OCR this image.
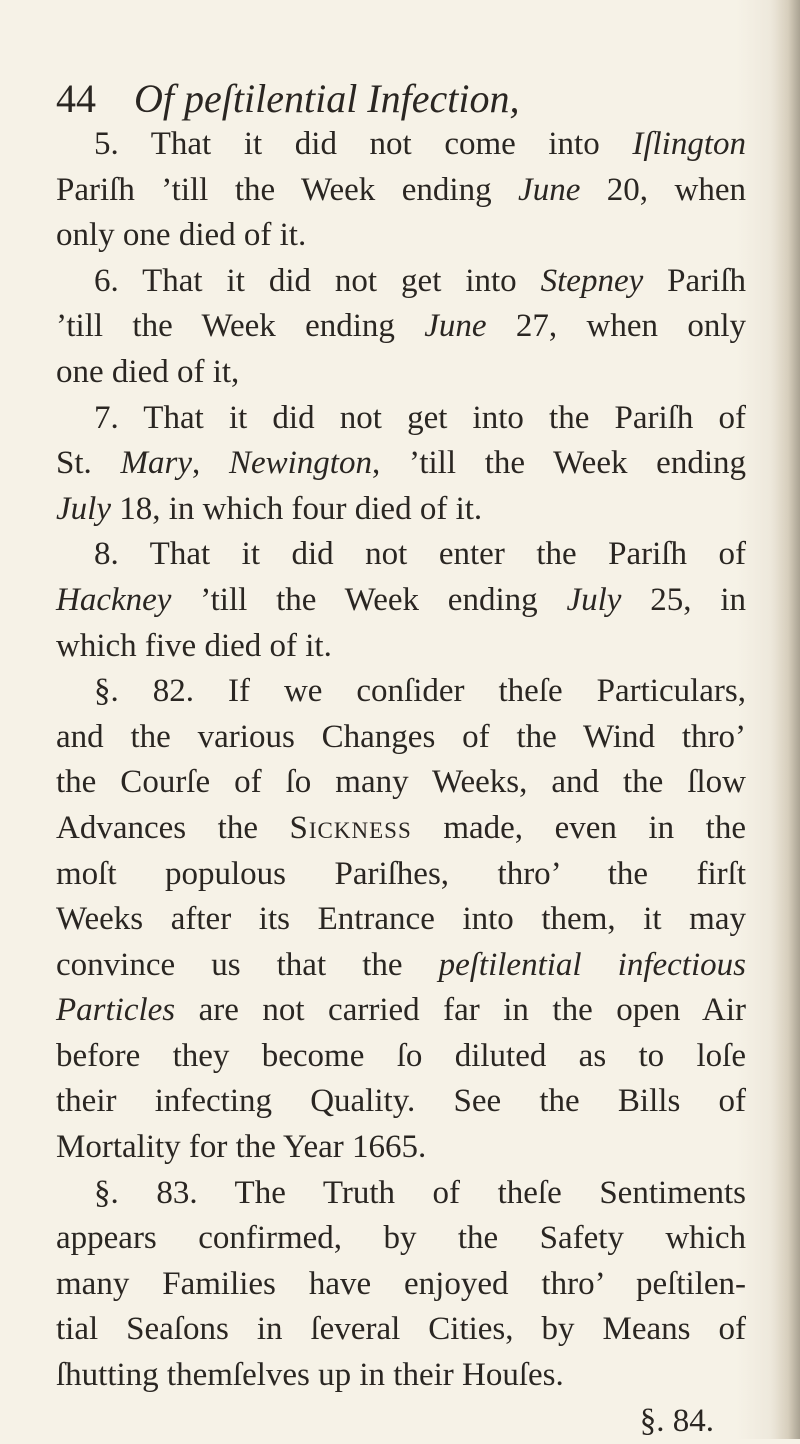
44 Of peſtilential Infection,
5. That it did not come into Iſlington
Pariſh ’till the Week ending June 20, when
only one died of it.
6. That it did not get into Stepney Pariſh
’till the Week ending June 27, when only
one died of it,
7. That it did not get into the Pariſh of
St. Mary, Newington, ’till the Week ending
July 18, in which four died of it.
8. That it did not enter the Pariſh of
Hackney ’till the Week ending July 25, in
which five died of it.
§. 82. If we conſider theſe Particulars,
and the various Changes of the Wind thro’
the Courſe of ſo many Weeks, and the ſlow
Advances the Sickness made, even in the
moſt populous Pariſhes, thro’ the firſt
Weeks after its Entrance into them, it may
convince us that the peſtilential infectious
Particles are not carried far in the open Air
before they become ſo diluted as to loſe
their infecting Quality. See the Bills of
Mortality for the Year 1665.
§. 83. The Truth of theſe Sentiments
appears confirmed, by the Safety which
many Families have enjoyed thro’ peſtilen-
tial Seaſons in ſeveral Cities, by Means of
ſhutting themſelves up in their Houſes.
§. 84.
